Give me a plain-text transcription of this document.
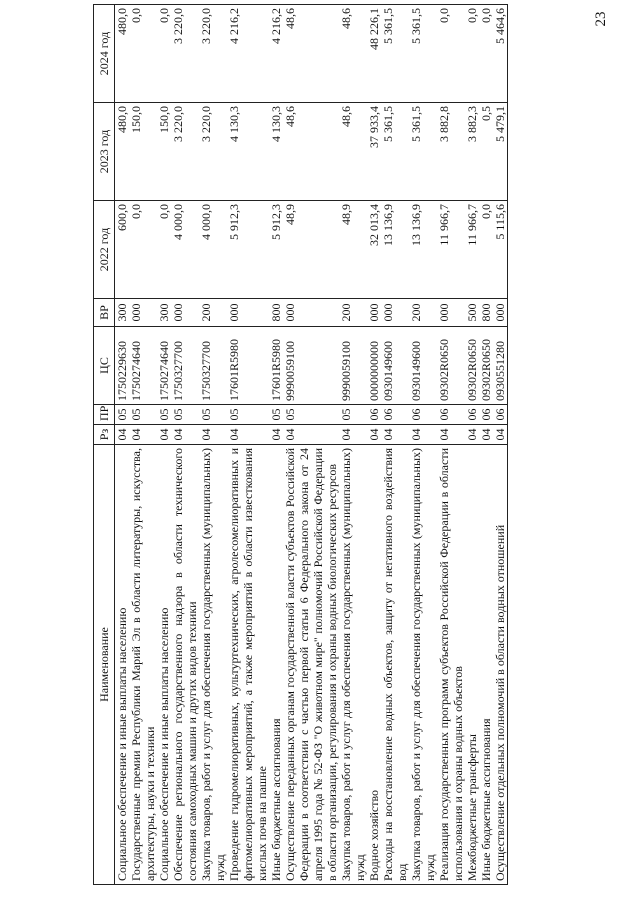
23
Наименование	Рз	ПР	ЦС	ВР	2022 год	2023 год	2024 год
Социальное обеспечение и иные выплаты населению	04	05	1750229630	300	600,0	480,0	480,0
Государственные премии Республики Марий Эл в области литературы, искусства, архитектуры, науки и техники	04	05	1750274640	000	0,0	150,0	0,0
Социальное обеспечение и иные выплаты населению	04	05	1750274640	300	0,0	150,0	0,0
Обеспечение регионального государственного надзора в области технического состояния самоходных машин и других видов техники	04	05	1750327700	000	4 000,0	3 220,0	3 220,0
Закупка товаров, работ и услуг для обеспечения государственных (муниципальных) нужд	04	05	1750327700	200	4 000,0	3 220,0	3 220,0
Проведение гидромелиоративных, культуртехнических, агролесомелиоративных и фитомелиоративных мероприятий, а также мероприятий в области известкования кислых почв на пашне	04	05	17601R5980	000	5 912,3	4 130,3	4 216,2
Иные бюджетные ассигнования	04	05	17601R5980	800	5 912,3	4 130,3	4 216,2
Осуществление переданных органам государственной власти субъектов Российской Федерации в соответствии с частью первой статьи 6 Федерального закона от 24 апреля 1995 года № 52-ФЗ "О животном мире" полномочий Российской Федерации в области организации, регулирования и охраны водных биологических ресурсов	04	05	9990059100	000	48,9	48,6	48,6
Закупка товаров, работ и услуг для обеспечения государственных (муниципальных) нужд	04	05	9990059100	200	48,9	48,6	48,6
Водное хозяйство	04	06	0000000000	000	32 013,4	37 933,4	48 226,1
Расходы на восстановление водных объектов, защиту от негативного воздействия вод	04	06	0930149600	000	13 136,9	5 361,5	5 361,5
Закупка товаров, работ и услуг для обеспечения государственных (муниципальных) нужд	04	06	0930149600	200	13 136,9	5 361,5	5 361,5
Реализация государственных программ субъектов Российской Федерации в области использования и охраны водных объектов	04	06	09302R0650	000	11 966,7	3 882,8	0,0
Межбюджетные трансферты	04	06	09302R0650	500	11 966,7	3 882,3	0,0
Иные бюджетные ассигнования	04	06	09302R0650	800	0,0	0,5	0,0
Осуществление отдельных полномочий в области водных отношений	04	06	0930551280	000	5 115,6	5 479,1	5 464,6
